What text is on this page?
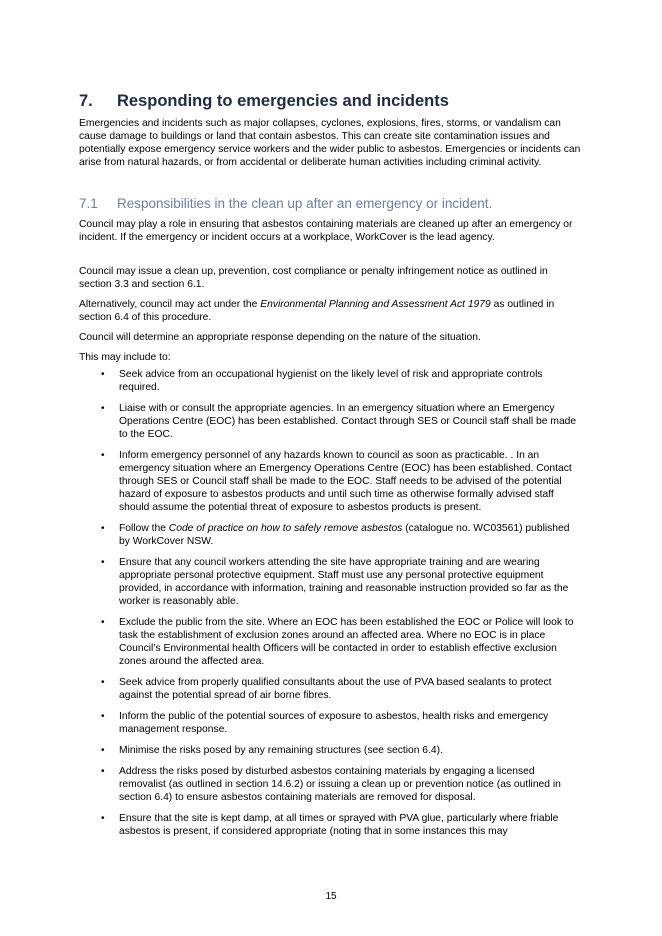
7. Responding to emergencies and incidents

Emergencies and incidents such as major collapses, cyclones, explosions, fires, storms, or vandalism can cause damage to buildings or land that contain asbestos. This can create site contamination issues and potentially expose emergency service workers and the wider public to asbestos. Emergencies or incidents can arise from natural hazards, or from accidental or deliberate human activities including criminal activity.

7.1 Responsibilities in the clean up after an emergency or incident.

Council may play a role in ensuring that asbestos containing materials are cleaned up after an emergency or incident. If the emergency or incident occurs at a workplace, WorkCover is the lead agency.

Council may issue a clean up, prevention, cost compliance or penalty infringement notice as outlined in section 3.3 and section 6.1.

Alternatively, council may act under the Environmental Planning and Assessment Act 1979 as outlined in section 6.4 of this procedure.

Council will determine an appropriate response depending on the nature of the situation.

This may include to:

• Seek advice from an occupational hygienist on the likely level of risk and appropriate controls required.
• Liaise with or consult the appropriate agencies. In an emergency situation where an Emergency Operations Centre (EOC) has been established. Contact through SES or Council staff shall be made to the EOC.
• Inform emergency personnel of any hazards known to council as soon as practicable. . In an emergency situation where an Emergency Operations Centre (EOC) has been established. Contact through SES or Council staff shall be made to the EOC. Staff needs to be advised of the potential hazard of exposure to asbestos products and until such time as otherwise formally advised staff should assume the potential threat of exposure to asbestos products is present.
• Follow the Code of practice on how to safely remove asbestos (catalogue no. WC03561) published by WorkCover NSW.
• Ensure that any council workers attending the site have appropriate training and are wearing appropriate personal protective equipment. Staff must use any personal protective equipment provided, in accordance with information, training and reasonable instruction provided so far as the worker is reasonably able.
• Exclude the public from the site. Where an EOC has been established the EOC or Police will look to task the establishment of exclusion zones around an affected area. Where no EOC is in place Council’s Environmental health Officers will be contacted in order to establish effective exclusion zones around the affected area.
• Seek advice from properly qualified consultants about the use of PVA based sealants to protect against the potential spread of air borne fibres.
• Inform the public of the potential sources of exposure to asbestos, health risks and emergency management response.
• Minimise the risks posed by any remaining structures (see section 6.4).
• Address the risks posed by disturbed asbestos containing materials by engaging a licensed removalist (as outlined in section 14.6.2) or issuing a clean up or prevention notice (as outlined in section 6.4) to ensure asbestos containing materials are removed for disposal.
• Ensure that the site is kept damp, at all times or sprayed with PVA glue, particularly where friable asbestos is present, if considered appropriate (noting that in some instances this may
15
